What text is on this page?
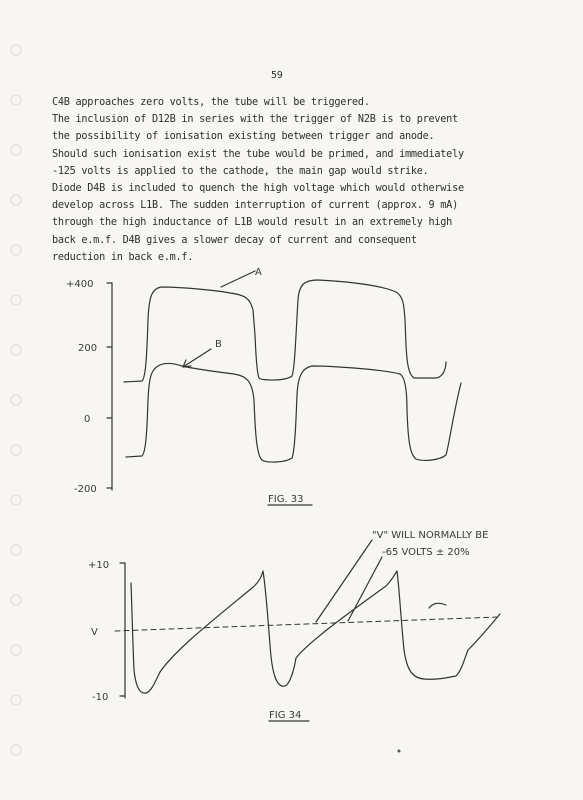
59
C4B approaches zero volts, the tube will be triggered.
The inclusion of D12B in series with the trigger of N2B is to prevent
the possibility of ionisation existing between trigger and anode.
Should such ionisation exist the tube would be primed, and immediately
-125 volts is applied to the cathode, the main gap would strike.
Diode D4B is included to quench the high voltage which would otherwise
develop across L1B. The sudden interruption of current (approx. 9 mA)
through the high inductance of L1B would result in an extremely high
back e.m.f. D4B gives a slower decay of current and consequent
reduction in back e.m.f.
+400
200
0
-200
A
B
FIG. 33
+10
V
-10
"V" WILL NORMALLY BE
-65 VOLTS ± 20%
FIG 34
